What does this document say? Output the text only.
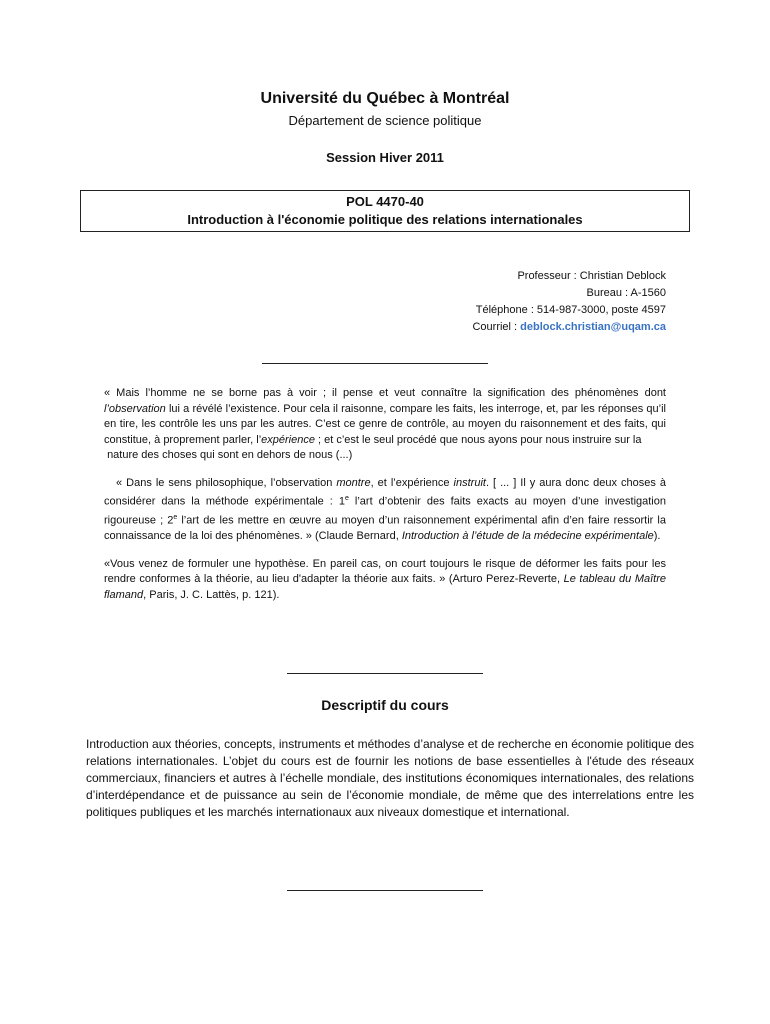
Université du Québec à Montréal
Département de science politique
Session Hiver 2011
POL 4470-40
Introduction à l'économie politique des relations internationales
Professeur : Christian Deblock
Bureau : A-1560
Téléphone : 514-987-3000, poste 4597
Courriel : deblock.christian@uqam.ca

« Mais l’homme ne se borne pas à voir ; il pense et veut connaître la signification des phénomènes dont l’observation lui a révélé l’existence. Pour cela il raisonne, compare les faits, les interroge, et, par les réponses qu’il en tire, les contrôle les uns par les autres. C’est ce genre de contrôle, au moyen du raisonnement et des faits, qui constitue, à proprement parler, l’expérience ; et c’est le seul procédé que nous ayons pour nous instruire sur la
nature des choses qui sont en dehors de nous (...)

« Dans le sens philosophique, l’observation montre, et l’expérience instruit. [ ... ] Il y aura donc deux choses à considérer dans la méthode expérimentale : 1e l’art d’obtenir des faits exacts au moyen d’une investigation rigoureuse ; 2e l’art de les mettre en œuvre au moyen d’un raisonnement expérimental afin d’en faire ressortir la connaissance de la loi des phénomènes. » (Claude Bernard, Introduction à l’étude de la médecine expérimentale).

«Vous venez de formuler une hypothèse. En pareil cas, on court toujours le risque de déformer les faits pour les rendre conformes à la théorie, au lieu d'adapter la théorie aux faits. » (Arturo Perez-Reverte, Le tableau du Maître flamand, Paris, J. C. Lattès, p. 121).

Descriptif du cours
Introduction aux théories, concepts, instruments et méthodes d’analyse et de recherche en économie politique des relations internationales. L’objet du cours est de fournir les notions de base essentielles à l'étude des réseaux commerciaux, financiers et autres à l’échelle mondiale, des institutions économiques internationales, des relations d’interdépendance et de puissance au sein de l’économie mondiale, de même que des interrelations entre les politiques publiques et les marchés internationaux aux niveaux domestique et international.
